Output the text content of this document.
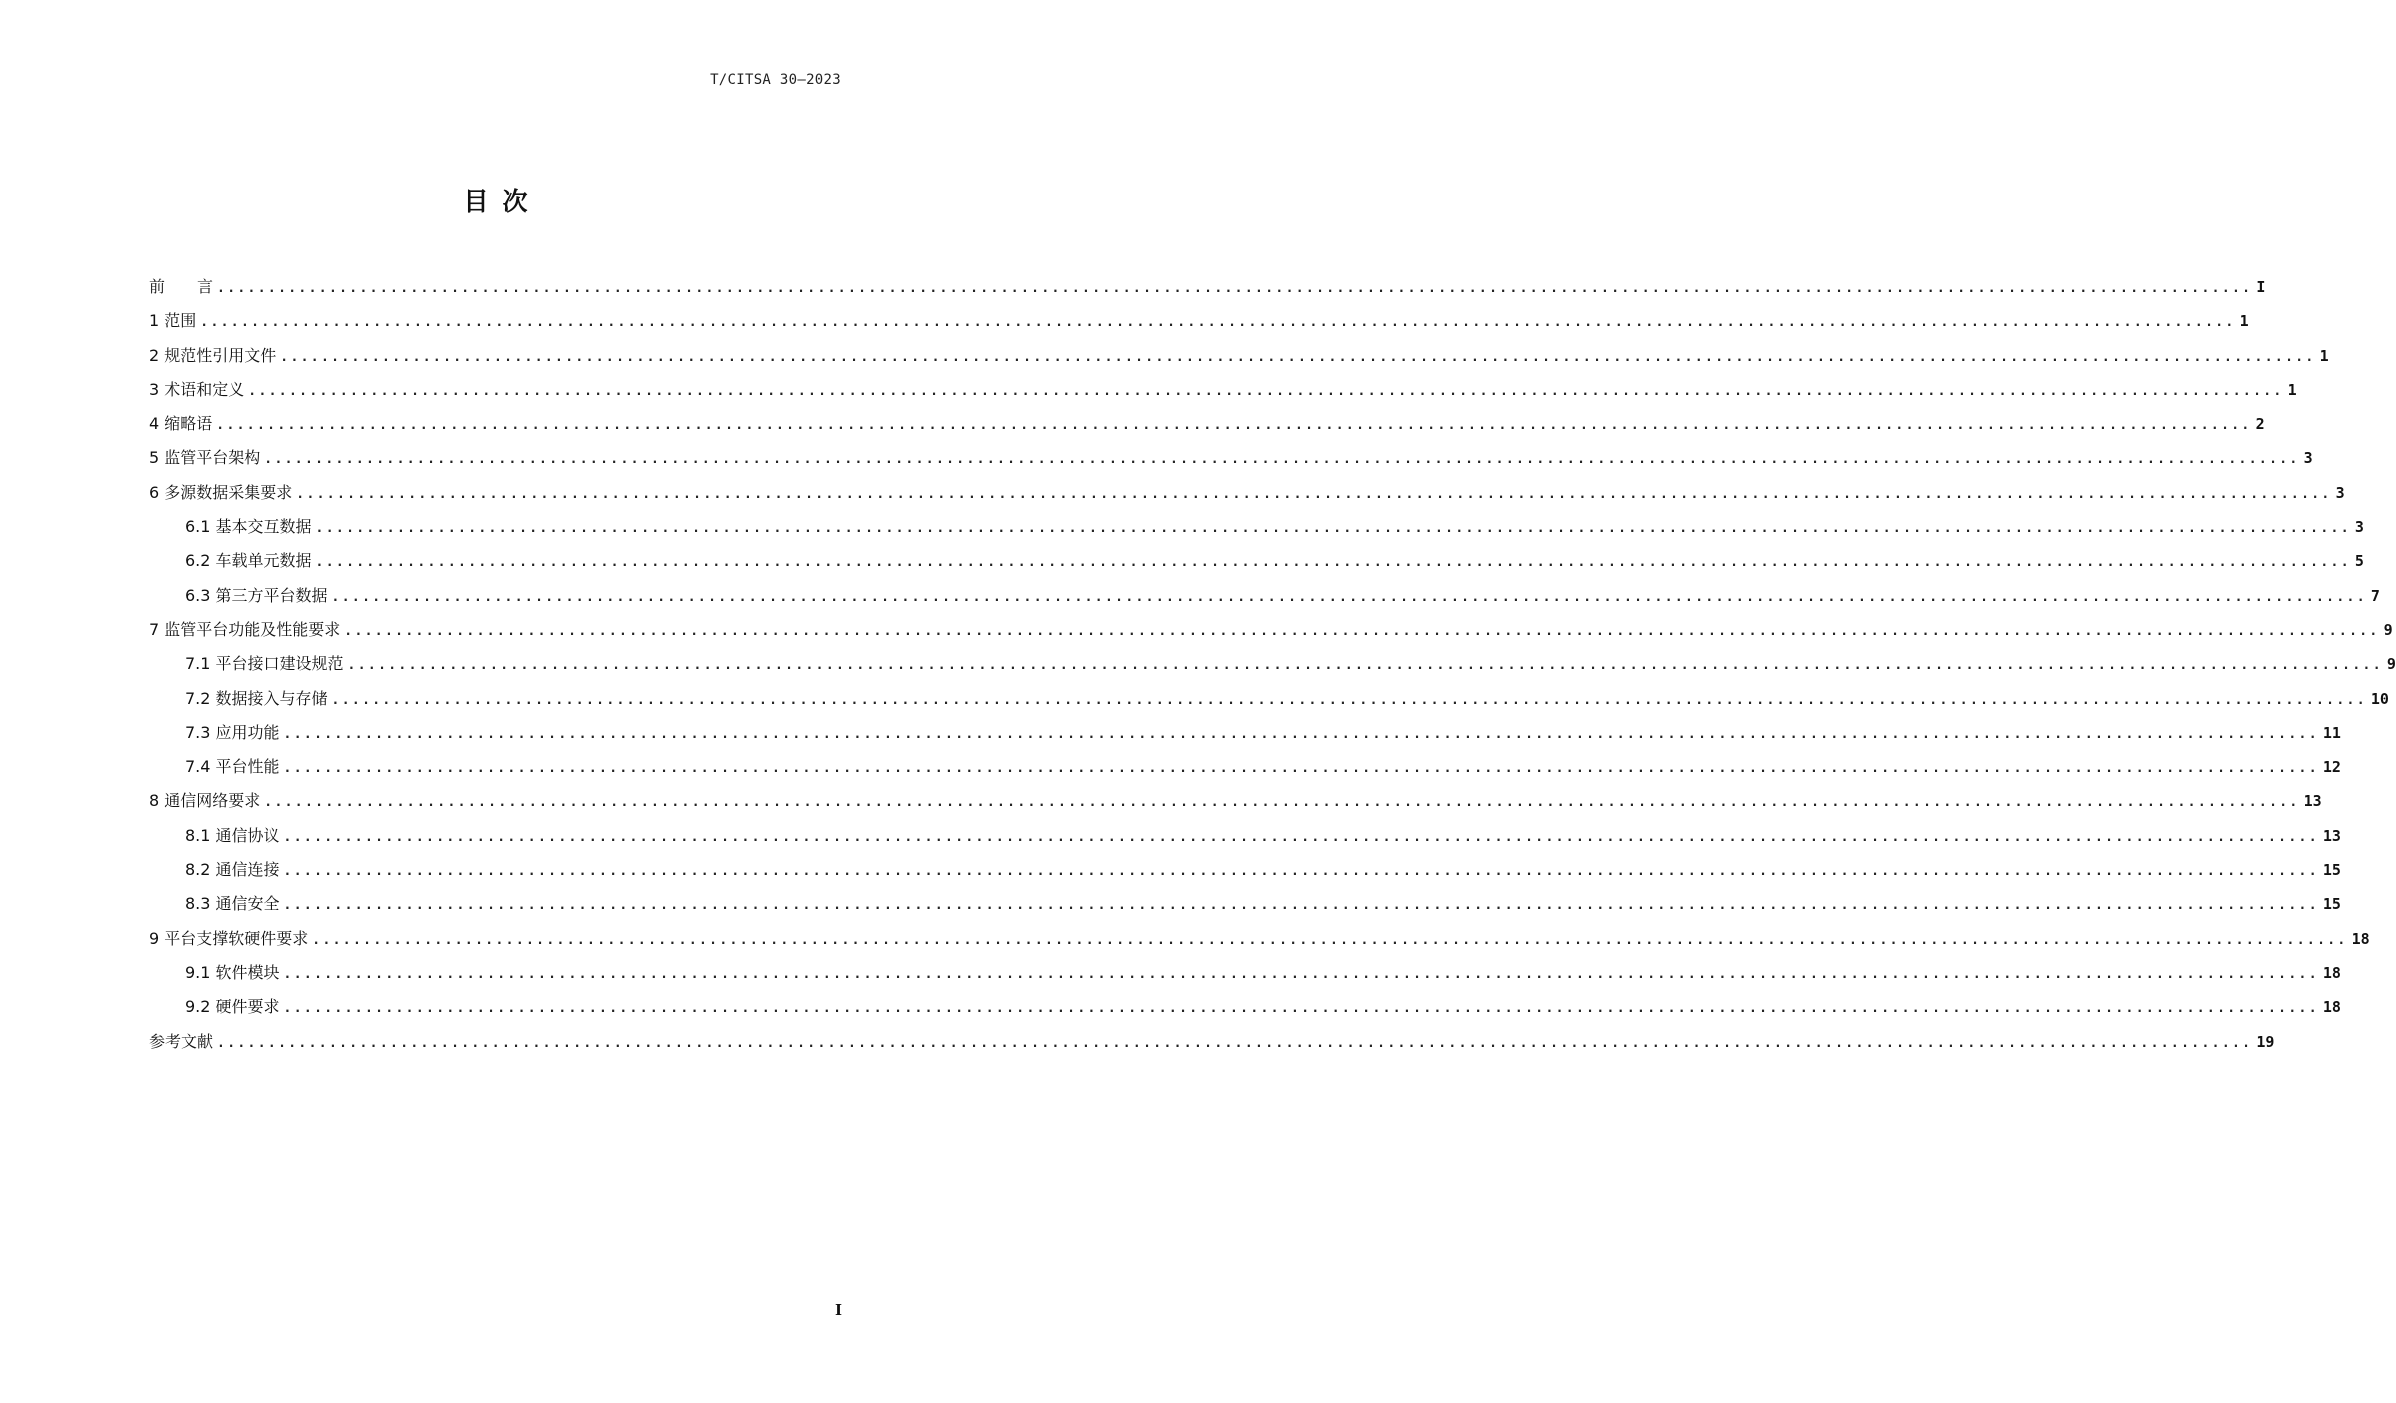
T/CITSA 30—2023
目次
前　　言 ........................................................................................................................................................................................................ I
1 范围 ........................................................................................................................................................................................................ 1
2 规范性引用文件 ........................................................................................................................................................................................................ 1
3 术语和定义 ........................................................................................................................................................................................................ 1
4 缩略语 ........................................................................................................................................................................................................ 2
5 监管平台架构 ........................................................................................................................................................................................................ 3
6 多源数据采集要求 ........................................................................................................................................................................................................ 3
6.1 基本交互数据 ........................................................................................................................................................................................................ 3
6.2 车载单元数据 ........................................................................................................................................................................................................ 5
6.3 第三方平台数据 ........................................................................................................................................................................................................ 7
7 监管平台功能及性能要求 ........................................................................................................................................................................................................ 9
7.1 平台接口建设规范 ........................................................................................................................................................................................................ 9
7.2 数据接入与存储 ........................................................................................................................................................................................................ 10
7.3 应用功能 ........................................................................................................................................................................................................ 11
7.4 平台性能 ........................................................................................................................................................................................................ 12
8 通信网络要求 ........................................................................................................................................................................................................ 13
8.1 通信协议 ........................................................................................................................................................................................................ 13
8.2 通信连接 ........................................................................................................................................................................................................ 15
8.3 通信安全 ........................................................................................................................................................................................................ 15
9 平台支撑软硬件要求 ........................................................................................................................................................................................................ 18
9.1 软件模块 ........................................................................................................................................................................................................ 18
9.2 硬件要求 ........................................................................................................................................................................................................ 18
参考文献 ........................................................................................................................................................................................................ 19
I
